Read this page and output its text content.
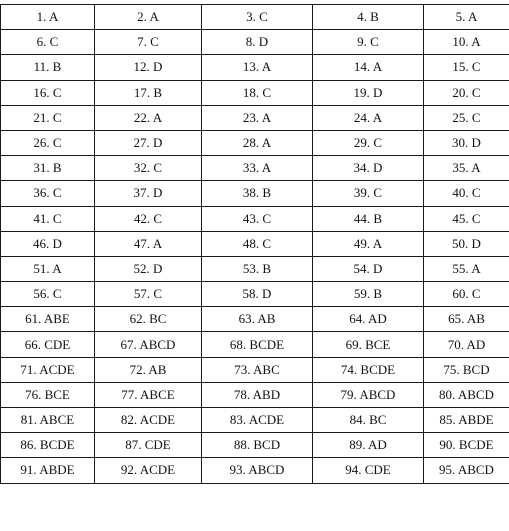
1. A	2. A	3. C	4. B	5. A
6. C	7. C	8. D	9. C	10. A
11. B	12. D	13. A	14. A	15. C
16. C	17. B	18. C	19. D	20. C
21. C	22. A	23. A	24. A	25. C
26. C	27. D	28. A	29. C	30. D
31. B	32. C	33. A	34. D	35. A
36. C	37. D	38. B	39. C	40. C
41. C	42. C	43. C	44. B	45. C
46. D	47. A	48. C	49. A	50. D
51. A	52. D	53. B	54. D	55. A
56. C	57. C	58. D	59. B	60. C
61. ABE	62. BC	63. AB	64. AD	65. AB
66. CDE	67. ABCD	68. BCDE	69. BCE	70. AD
71. ACDE	72. AB	73. ABC	74. BCDE	75. BCD
76. BCE	77. ABCE	78. ABD	79. ABCD	80. ABCD
81. ABCE	82. ACDE	83. ACDE	84. BC	85. ABDE
86. BCDE	87. CDE	88. BCD	89. AD	90. BCDE
91. ABDE	92. ACDE	93. ABCD	94. CDE	95. ABCD
